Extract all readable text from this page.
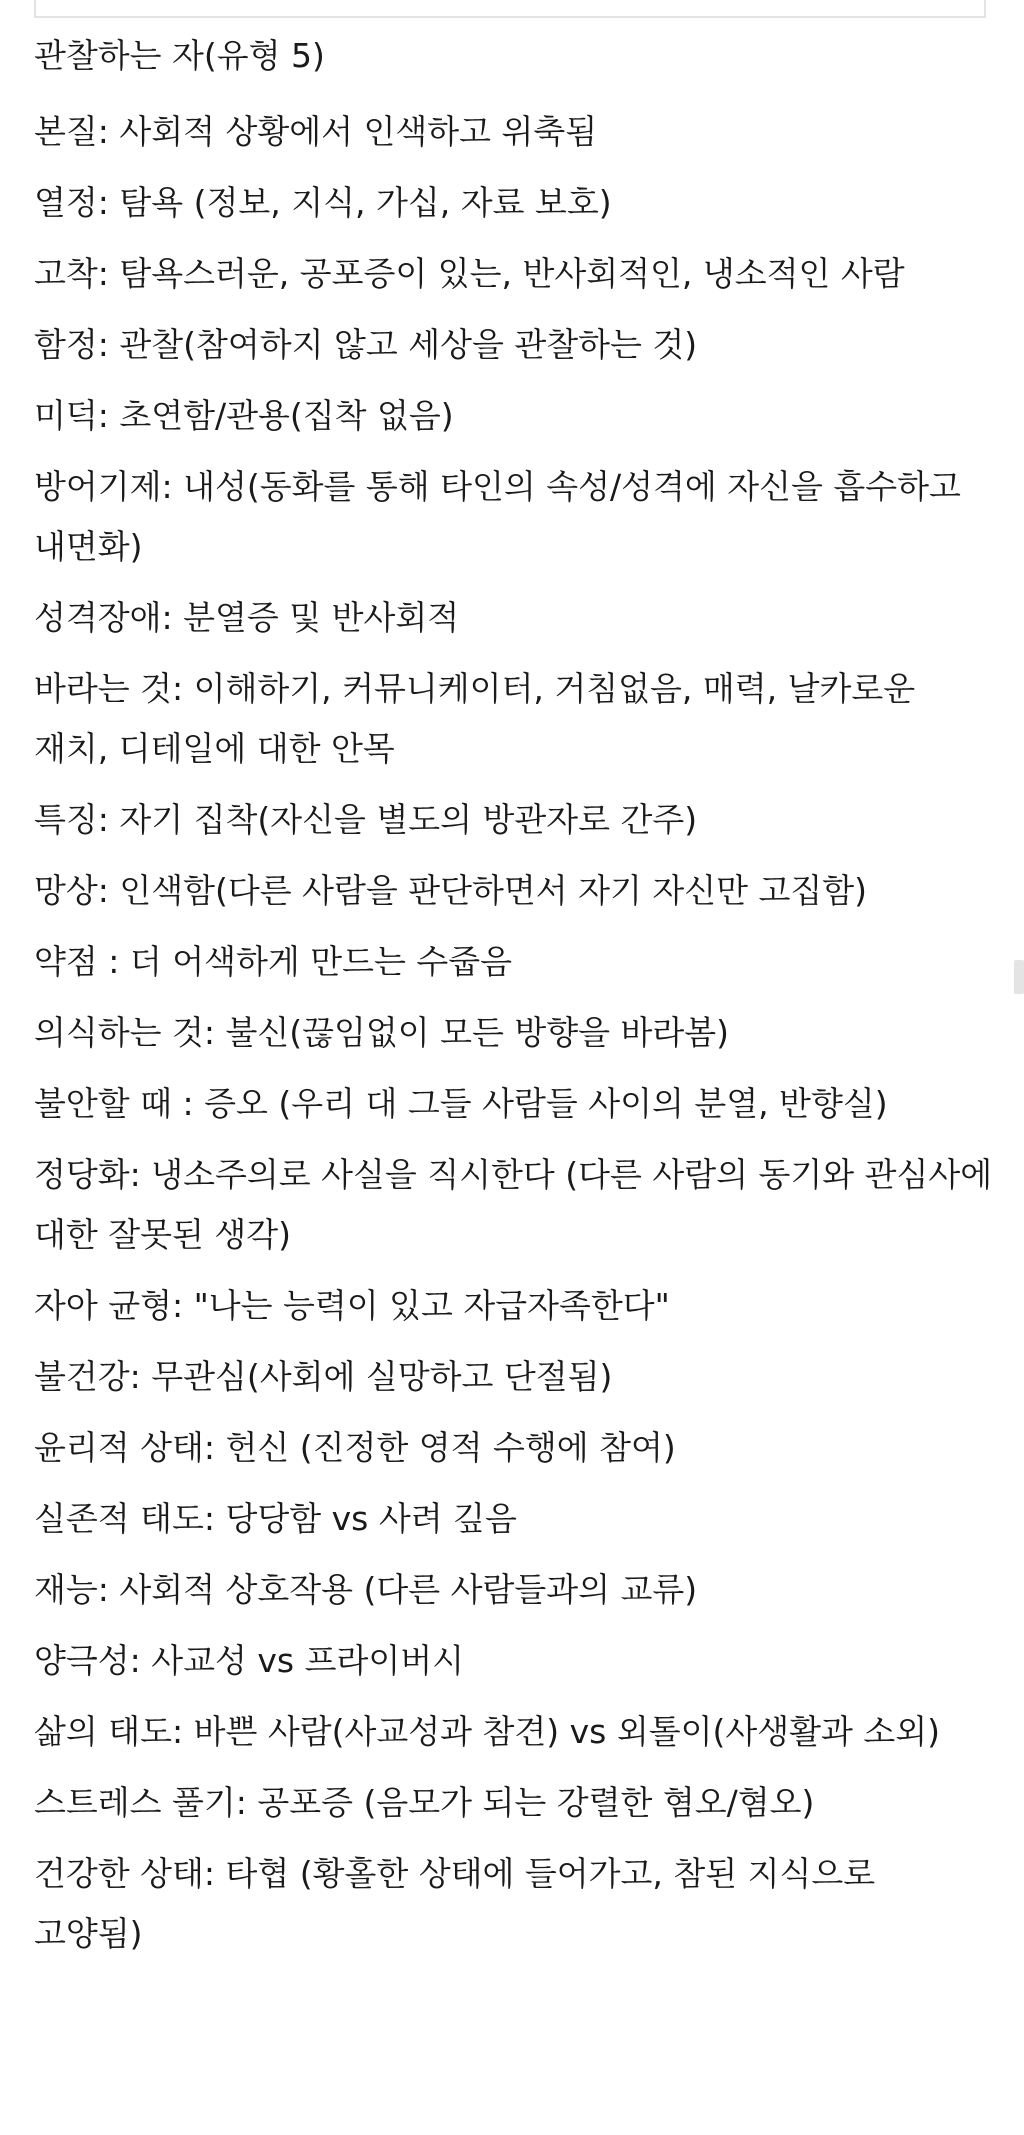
관찰하는 자(유형 5)
본질: 사회적 상황에서 인색하고 위축됨
열정: 탐욕 (정보, 지식, 가십, 자료 보호)
고착: 탐욕스러운, 공포증이 있는, 반사회적인, 냉소적인 사람
함정: 관찰(참여하지 않고 세상을 관찰하는 것)
미덕: 초연함/관용(집착 없음)
방어기제: 내성(동화를 통해 타인의 속성/성격에 자신을 흡수하고 내면화)
성격장애: 분열증 및 반사회적
바라는 것: 이해하기, 커뮤니케이터, 거침없음, 매력, 날카로운 재치, 디테일에 대한 안목
특징: 자기 집착(자신을 별도의 방관자로 간주)
망상: 인색함(다른 사람을 판단하면서 자기 자신만 고집함)
약점 : 더 어색하게 만드는 수줍음
의식하는 것: 불신(끊임없이 모든 방향을 바라봄)
불안할 때 : 증오 (우리 대 그들 사람들 사이의 분열, 반향실)
정당화: 냉소주의로 사실을 직시한다 (다른 사람의 동기와 관심사에 대한 잘못된 생각)
자아 균형: "나는 능력이 있고 자급자족한다"
불건강: 무관심(사회에 실망하고 단절됨)
윤리적 상태: 헌신 (진정한 영적 수행에 참여)
실존적 태도: 당당함 vs 사려 깊음
재능: 사회적 상호작용 (다른 사람들과의 교류)
양극성: 사교성 vs 프라이버시
삶의 태도: 바쁜 사람(사교성과 참견) vs 외톨이(사생활과 소외)
스트레스 풀기: 공포증 (음모가 되는 강렬한 혐오/혐오)
건강한 상태: 타협 (황홀한 상태에 들어가고, 참된 지식으로 고양됨)
